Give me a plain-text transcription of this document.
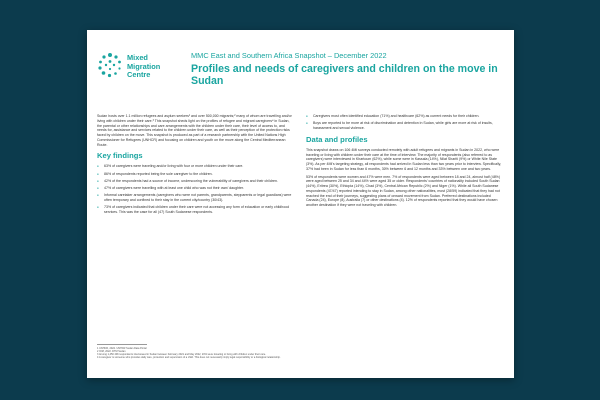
Mixed
Migration
Centre
MMC East and Southern Africa Snapshot – December 2022
Profiles and needs of caregivers and children on the move in Sudan

Sudan hosts over 1.1 million refugees and asylum seekers¹ and over 500,000 migrants;² many of whom are travelling and/or living with children under their care.³ This snapshot sheds light on the profiles of refugee and migrant caregivers⁴ in Sudan, the parental or other relationships and care arrangements with the children under their care, their level of access to, and needs for, assistance and services related to the children under their care, as well as their perception of the protection risks faced by children on the move. This snapshot is produced as part of a research partnership with the United Nations High Commissioner for Refugees (UNHCR) and focusing on children and youth on the move along the Central Mediterranean Route.

Key findings
● 63% of caregivers were traveling and/or living with four or more children under their care.
● 86% of respondents reported being the sole caregiver to the children.
● 42% of the respondents had a source of income, underscoring the vulnerability of caregivers and their children.
● 47% of caregivers were travelling with at least one child who was not their own/ daughter.
● Informal caretaker arrangements (caregivers who were not parents, grandparents, stepparents or legal guardians) were often temporary and confined to their stay in the current city/country (30/43).
● 73% of caregivers indicated that children under their care were not accessing any form of education or early childhood services. This was the case for all (47) South Sudanese respondents.
● Caregivers most often identified education (71%) and healthcare (62%) as current needs for their children.
● Boys are reported to be more at risk of discrimination and detention in Sudan, while girls are more at risk of insults, harassment and sexual violence.
Data and profiles

This snapshot draws on 106 4Mi surveys conducted remotely with adult refugees and migrants in Sudan in 2022, who were traveling or living with children under their care at the time of interview. The majority of respondents (also referred to as caregivers) were interviewed in Khartoum (62%), while some were in Kassala (14%), Nilat Shariti (9%) or White Nile State (3%). As per 4Mi's targeting strategy, all respondents had arrived in Sudan less than two years prior to interview. Specifically, 37% had been in Sudan for less than 6 months, 30% between 6 and 12 months and 33% between one and two years.

53% of respondents were women and 47% were men. 7% of respondents were aged between 18 and 24, almost half (48%) were aged between 25 and 34 and 44% were aged 35 or older. Respondents' countries of nationality included South Sudan (44%), Eritrea (30%), Ethiopia (14%), Chad (3%), Central African Republic (2%) and Niger (1%). While all South Sudanese respondents (47/47) reported intending to stay in Sudan, among other nationalities, most (28/59) indicated that they had not reached the end of their journeys, suggesting plans of onward movement from Sudan. Preferred destinations included Canada (24), Europe (8), Australia (7) or other destinations (4). 12% of respondents reported that they would have chosen another destination if they were not traveling with children.

1 UNHCR, 2022. UNHCR Sudan Data Portal
2 IOM, 2022. DTM Sudan
3 Among 1,450 4Mi respondents interviewed in Sudan between February 2021 and May 2022, 20% were traveling or living with children under their care.
4 A caregiver is someone who provides daily care, protection and supervision of a child. This does not necessarily imply legal responsibility or a biological relationship.
